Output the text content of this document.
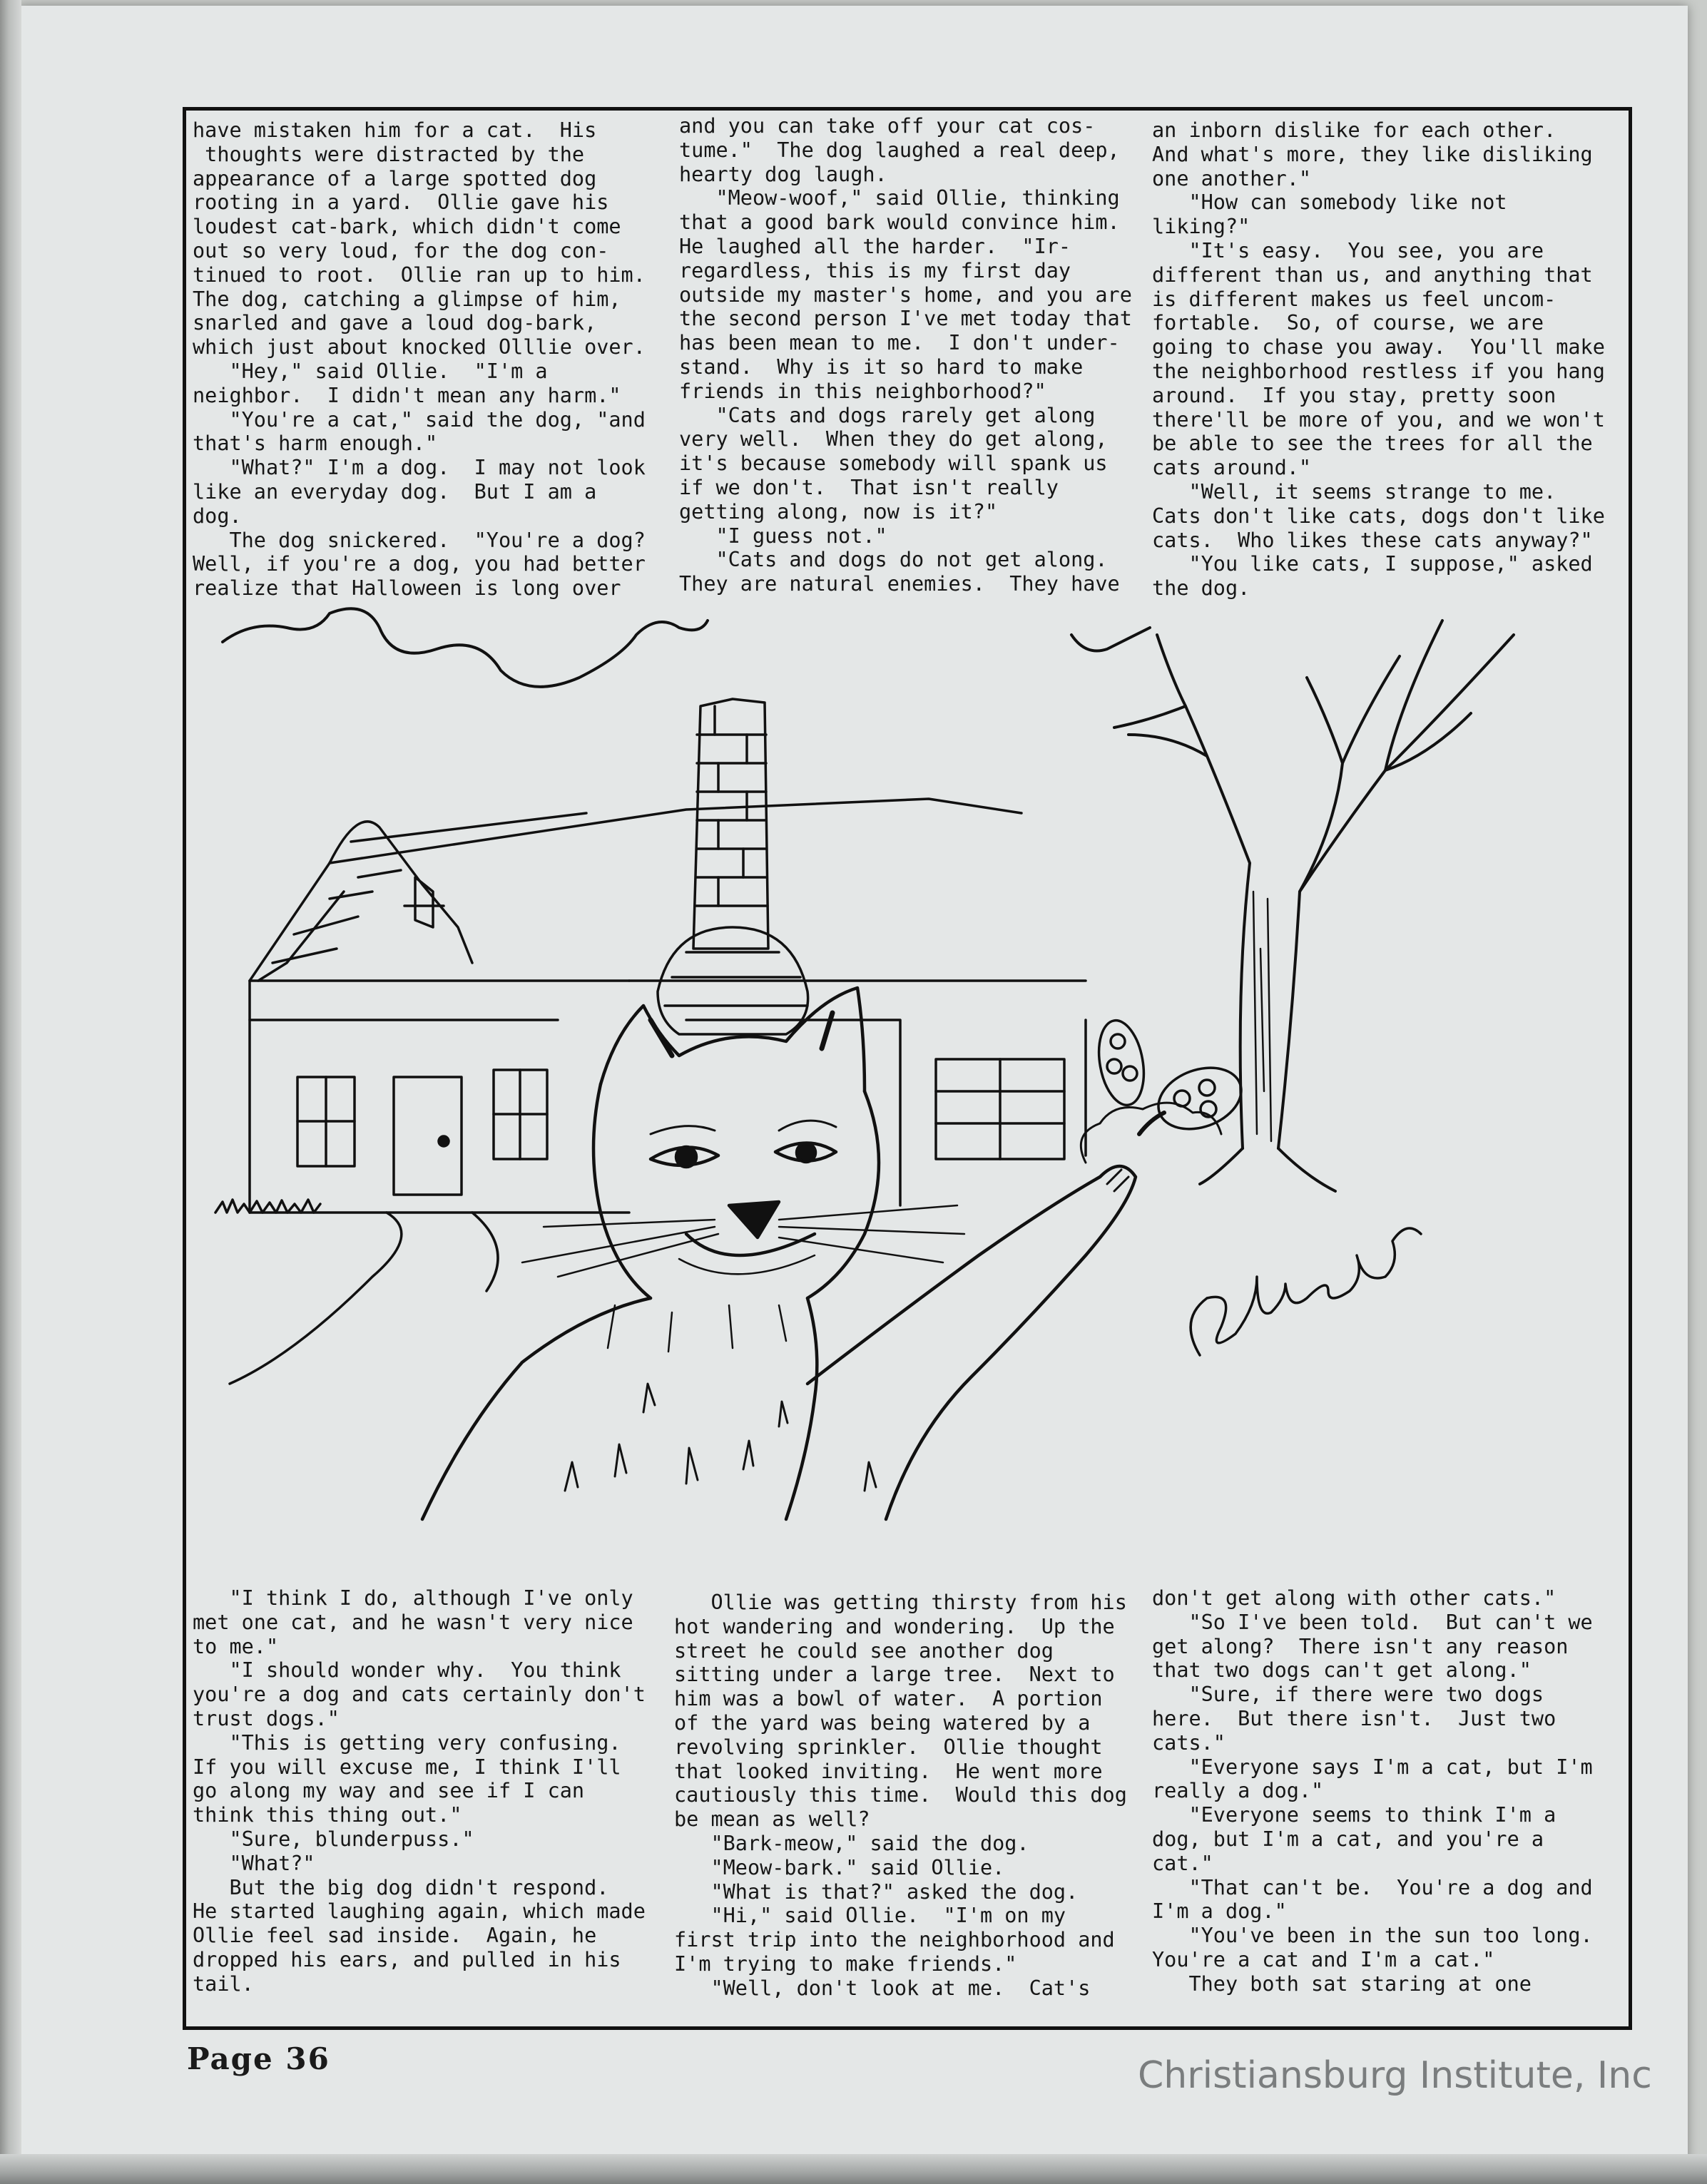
have mistaken him for a cat.  His

thoughts were distracted by the

appearance of a large spotted dog

rooting in a yard.  Ollie gave his

loudest cat-bark, which didn't come

out so very loud, for the dog con-

tinued to root.  Ollie ran up to him.

The dog, catching a glimpse of him,

snarled and gave a loud dog-bark,

which just about knocked Olllie over.

"Hey," said Ollie.  "I'm a

neighbor.  I didn't mean any harm."

"You're a cat," said the dog, "and

that's harm enough."

"What?" I'm a dog.  I may not look

like an everyday dog.  But I am a

dog.

The dog snickered.  "You're a dog?

Well, if you're a dog, you had better

realize that Halloween is long over

and you can take off your cat cos-

tume."  The dog laughed a real deep,

hearty dog laugh.

"Meow-woof," said Ollie, thinking

that a good bark would convince him.

He laughed all the harder.  "Ir-

regardless, this is my first day

outside my master's home, and you are

the second person I've met today that

has been mean to me.  I don't under-

stand.  Why is it so hard to make

friends in this neighborhood?"

"Cats and dogs rarely get along

very well.  When they do get along,

it's because somebody will spank us

if we don't.  That isn't really

getting along, now is it?"

"I guess not."

"Cats and dogs do not get along.

They are natural enemies.  They have

an inborn dislike for each other.

And what's more, they like disliking

one another."

"How can somebody like not

liking?"

"It's easy.  You see, you are

different than us, and anything that

is different makes us feel uncom-

fortable.  So, of course, we are

going to chase you away.  You'll make

the neighborhood restless if you hang

around.  If you stay, pretty soon

there'll be more of you, and we won't

be able to see the trees for all the

cats around."

"Well, it seems strange to me.

Cats don't like cats, dogs don't like

cats.  Who likes these cats anyway?"

"You like cats, I suppose," asked

the dog.

"I think I do, although I've only

met one cat, and he wasn't very nice

to me."

"I should wonder why.  You think

you're a dog and cats certainly don't

trust dogs."

"This is getting very confusing.

If you will excuse me, I think I'll

go along my way and see if I can

think this thing out."

"Sure, blunderpuss."

"What?"

But the big dog didn't respond.

He started laughing again, which made

Ollie feel sad inside.  Again, he

dropped his ears, and pulled in his

tail.

Ollie was getting thirsty from his

hot wandering and wondering.  Up the

street he could see another dog

sitting under a large tree.  Next to

him was a bowl of water.  A portion

of the yard was being watered by a

revolving sprinkler.  Ollie thought

that looked inviting.  He went more

cautiously this time.  Would this dog

be mean as well?

"Bark-meow," said the dog.

"Meow-bark." said Ollie.

"What is that?" asked the dog.

"Hi," said Ollie.  "I'm on my

first trip into the neighborhood and

I'm trying to make friends."

"Well, don't look at me.  Cat's

don't get along with other cats."

"So I've been told.  But can't we

get along?  There isn't any reason

that two dogs can't get along."

"Sure, if there were two dogs

here.  But there isn't.  Just two

cats."

"Everyone says I'm a cat, but I'm

really a dog."

"Everyone seems to think I'm a

dog, but I'm a cat, and you're a

cat."

"That can't be.  You're a dog and

I'm a dog."

"You've been in the sun too long.

You're a cat and I'm a cat."

They both sat staring at one

Page 36	Christiansburg Institute, Inc
